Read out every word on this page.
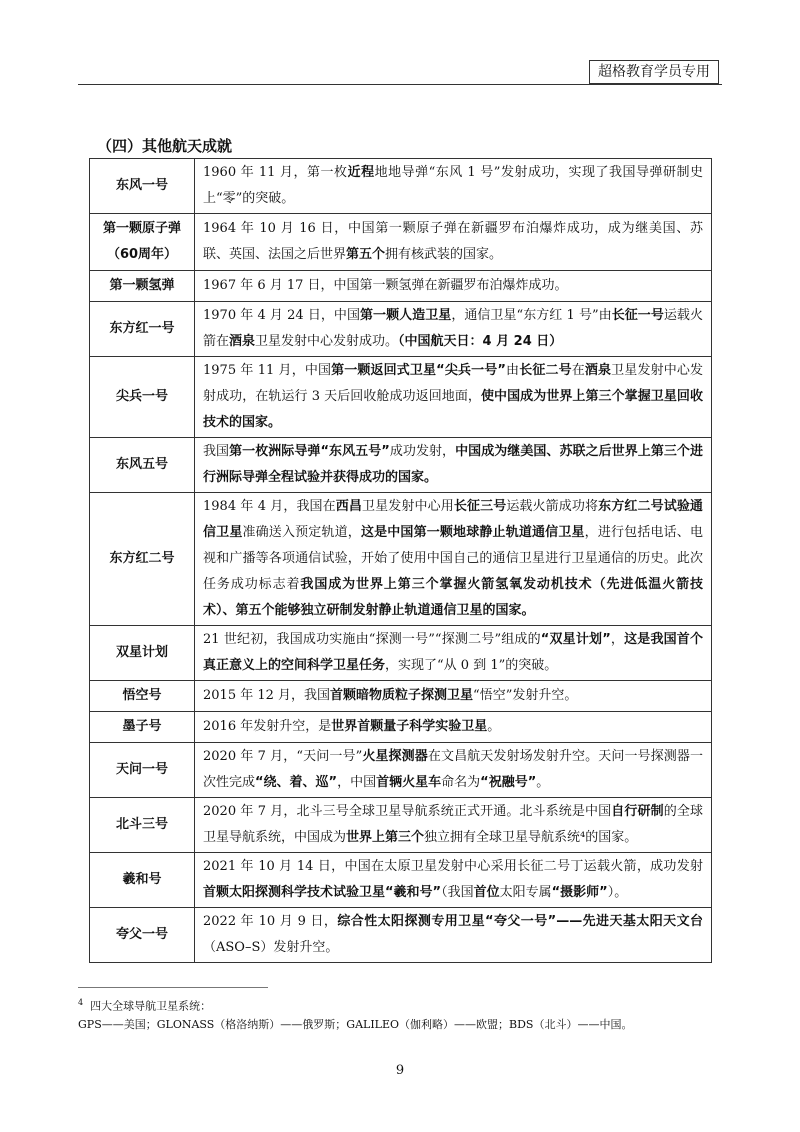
超格教育学员专用
（四）其他航天成就
东风一号	1960 年 11 月，第一枚近程地地导弹“东风 1 号”发射成功，实现了我国导弹研制史上“零”的突破。
第一颗原子弹（60周年）	1964 年 10 月 16 日，中国第一颗原子弹在新疆罗布泊爆炸成功，成为继美国、苏联、英国、法国之后世界第五个拥有核武装的国家。
第一颗氢弹	1967 年 6 月 17 日，中国第一颗氢弹在新疆罗布泊爆炸成功。
东方红一号	1970 年 4 月 24 日，中国第一颗人造卫星，通信卫星“东方红 1 号”由长征一号运载火箭在酒泉卫星发射中心发射成功。（中国航天日：4 月 24 日）
尖兵一号	1975 年 11 月，中国第一颗返回式卫星“尖兵一号”由长征二号在酒泉卫星发射中心发射成功，在轨运行 3 天后回收舱成功返回地面，使中国成为世界上第三个掌握卫星回收技术的国家。
东风五号	我国第一枚洲际导弹“东风五号”成功发射，中国成为继美国、苏联之后世界上第三个进行洲际导弹全程试验并获得成功的国家。
东方红二号	1984 年 4 月，我国在西昌卫星发射中心用长征三号运载火箭成功将东方红二号试验通信卫星准确送入预定轨道，这是中国第一颗地球静止轨道通信卫星，进行包括电话、电视和广播等各项通信试验，开始了使用中国自己的通信卫星进行卫星通信的历史。此次任务成功标志着我国成为世界上第三个掌握火箭氢氧发动机技术（先进低温火箭技术）、第五个能够独立研制发射静止轨道通信卫星的国家。
双星计划	21 世纪初，我国成功实施由“探测一号”“探测二号”组成的“双星计划”，这是我国首个真正意义上的空间科学卫星任务，实现了“从 0 到 1”的突破。
悟空号	2015 年 12 月，我国首颗暗物质粒子探测卫星“悟空”发射升空。
墨子号	2016 年发射升空，是世界首颗量子科学实验卫星。
天问一号	2020 年 7 月，“天问一号”火星探测器在文昌航天发射场发射升空。天问一号探测器一次性完成“绕、着、巡”，中国首辆火星车命名为“祝融号”。
北斗三号	2020 年 7 月，北斗三号全球卫星导航系统正式开通。北斗系统是中国自行研制的全球卫星导航系统，中国成为世界上第三个独立拥有全球卫星导航系统⁴的国家。
羲和号	2021 年 10 月 14 日，中国在太原卫星发射中心采用长征二号丁运载火箭，成功发射首颗太阳探测科学技术试验卫星“羲和号”（我国首位太阳专属“摄影师”）。
夸父一号	2022 年 10 月 9 日，综合性太阳探测专用卫星“夸父一号”——先进天基太阳天文台（ASO–S）发射升空。
$^4$ 四大全球导航卫星系统：
GPS——美国；GLONASS（格洛纳斯）——俄罗斯；GALILEO（伽利略）——欧盟；BDS（北斗）——中国。
9
